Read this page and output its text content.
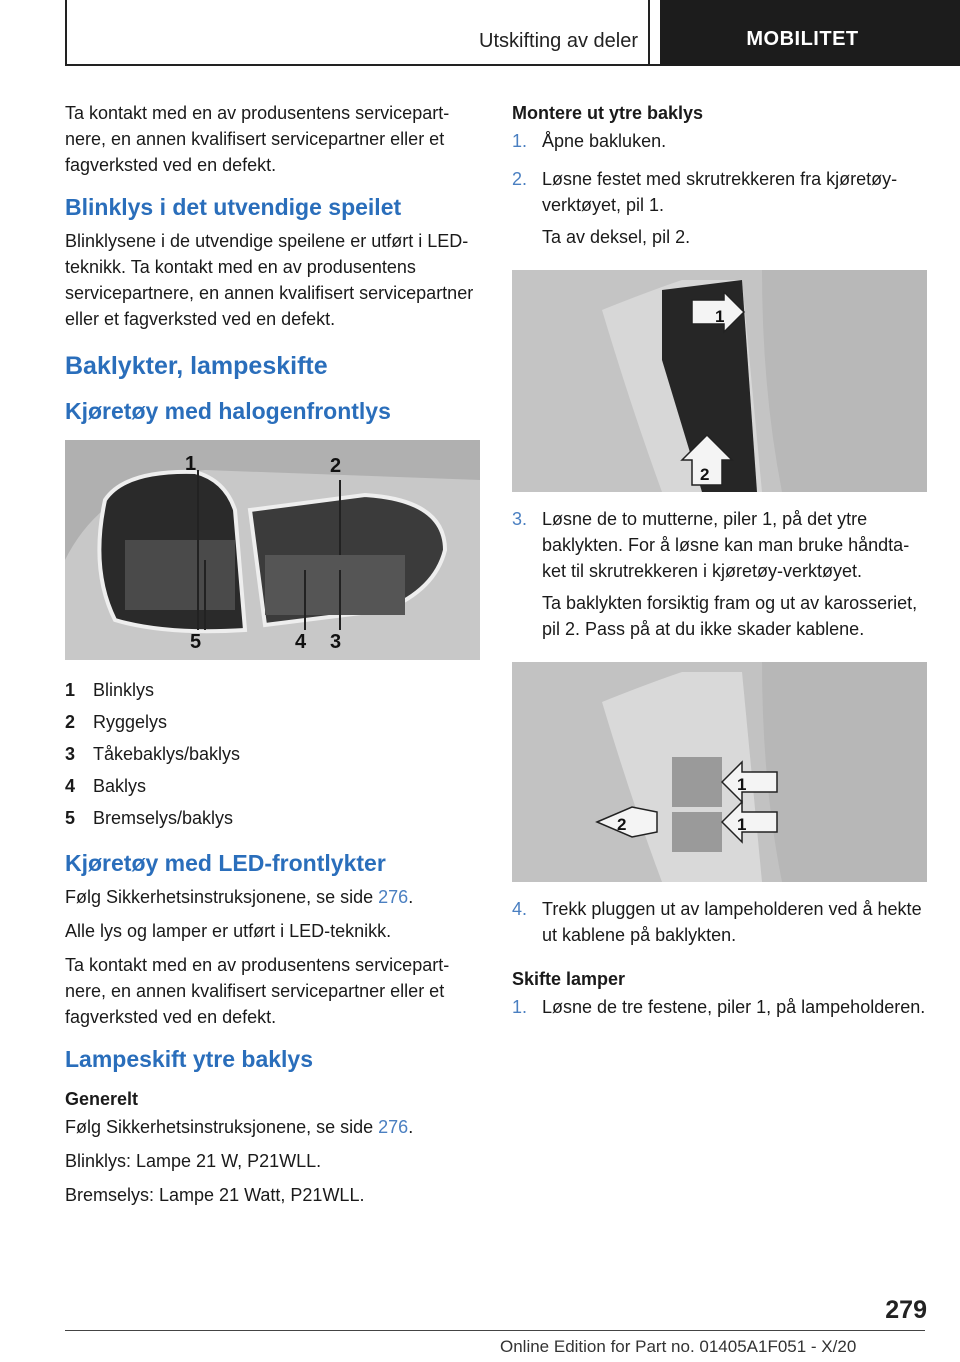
Utskifting av deler	MOBILITET

Ta kontakt med en av produsentens servicepartnere, en annen kvalifisert servicepartner eller et fagverksted ved en defekt.

Blinklys i det utvendige speilet

Blinklysene i de utvendige speilene er utført i LED-teknikk. Ta kontakt med en av produsentens servicepartnere, en annen kvalifisert servicepartner eller et fagverksted ved en defekt.

Baklykter, lampeskifte
Kjøretøy med halogenfrontlys
1	2
5	4 3
1 Blinklys
2 Ryggelys
3 Tåkebaklys/baklys
4 Baklys
5 Bremselys/baklys
Kjøretøy med LED-frontlykter

Følg Sikkerhetsinstruksjonene, se side 276.

Alle lys og lamper er utført i LED-teknikk.

Ta kontakt med en av produsentens servicepartnere, en annen kvalifisert servicepartner eller et fagverksted ved en defekt.

Lampeskift ytre baklys
Generelt

Følg Sikkerhetsinstruksjonene, se side 276.

Blinklys: Lampe 21 W, P21WLL.

Bremselys: Lampe 21 Watt, P21WLL.

Montere ut ytre baklys
1. Åpne bakluken.

2. Løsne festet med skrutrekkeren fra kjøretøyverktøyet, pil 1.

Ta av deksel, pil 2.

1
2
3. Løsne de to mutterne, piler 1, på det ytre baklykten. For å løsne kan man bruke håndtaket til skrutrekkeren i kjøretøy-verktøyet.

Ta baklykten forsiktig fram og ut av karosseriet, pil 2. Pass på at du ikke skader kablene.

1
2	1
4. Trekk pluggen ut av lampeholderen ved å hekte ut kablene på baklykten.

Skifte lamper
1. Løsne de tre festene, piler 1, på lampeholderen.

279
Online Edition for Part no. 01405A1F051 - X/20
